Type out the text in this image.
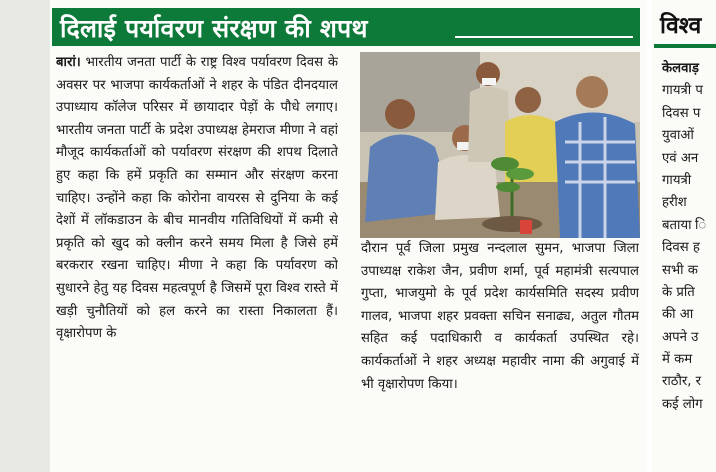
दिलाई पर्यावरण संरक्षण की शपथ
बारां। भारतीय जनता पार्टी के राष्ट्र विश्व पर्यावरण दिवस के अवसर पर भाजपा कार्यकर्ताओं ने शहर के पंडित दीनदयाल उपाध्याय कॉलेज परिसर में छायादार पेड़ों के पौधे लगाए। भारतीय जनता पार्टी के प्रदेश उपाध्यक्ष हेमराज मीणा ने वहां मौजूद कार्यकर्ताओं को पर्यावरण संरक्षण की शपथ दिलाते हुए कहा कि हमें प्रकृति का सम्मान और संरक्षण करना चाहिए। उन्होंने कहा कि कोरोना वायरस से दुनिया के कई देशों में लॉकडाउन के बीच मानवीय गतिविधियों में कमी से प्रकृति को खुद को क्लीन करने समय मिला है जिसे हमें बरकरार रखना चाहिए। मीणा ने कहा कि पर्यावरण को सुधारने हेतु यह दिवस महत्वपूर्ण है जिसमें पूरा विश्व रास्ते में खड़ी चुनौतियों को हल करने का रास्ता निकालता हैं। वृक्षारोपण के
दौरान पूर्व जिला प्रमुख नन्दलाल सुमन, भाजपा जिला उपाध्यक्ष राकेश जैन, प्रवीण शर्मा, पूर्व महामंत्री सत्यपाल गुप्ता, भाजयुमो के पूर्व प्रदेश कार्यसमिति सदस्य प्रवीण गालव, भाजपा शहर प्रवक्ता सचिन सनाढ्य, अतुल गौतम सहित कई पदाधिकारी व कार्यकर्ता उपस्थित रहे। कार्यकर्ताओं ने शहर अध्यक्ष महावीर नामा की अगुवाई में भी वृक्षारोपण किया।
विश्व
केलवाड़
गायत्री प
दिवस प
युवाओं
एवं अन
गायत्री
हरीश
बताया ि
दिवस ह
सभी क
के प्रति
की आ
अपने उ
में कम
राठौर, र
कई लोग
